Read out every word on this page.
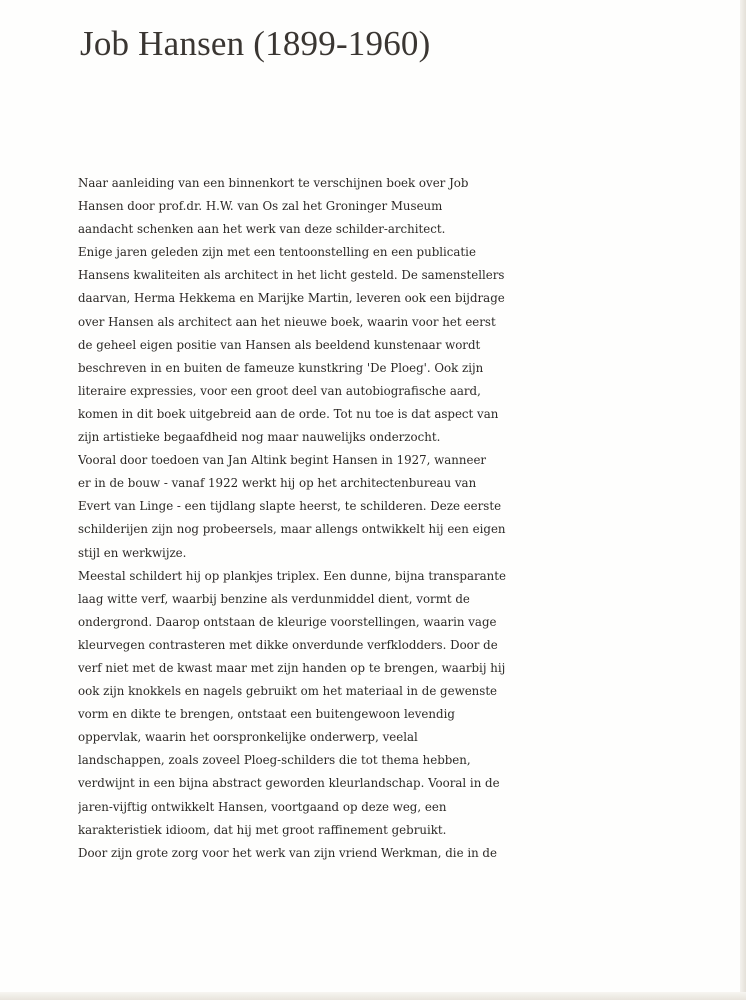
Job Hansen (1899-1960)
Naar aanleiding van een binnenkort te verschijnen boek over Job
Hansen door prof.dr. H.W. van Os zal het Groninger Museum
aandacht schenken aan het werk van deze schilder-architect.
Enige jaren geleden zijn met een tentoonstelling en een publicatie
Hansens kwaliteiten als architect in het licht gesteld. De samenstellers
daarvan, Herma Hekkema en Marijke Martin, leveren ook een bijdrage
over Hansen als architect aan het nieuwe boek, waarin voor het eerst
de geheel eigen positie van Hansen als beeldend kunstenaar wordt
beschreven in en buiten de fameuze kunstkring 'De Ploeg'. Ook zijn
literaire expressies, voor een groot deel van autobiografische aard,
komen in dit boek uitgebreid aan de orde. Tot nu toe is dat aspect van
zijn artistieke begaafdheid nog maar nauwelijks onderzocht.
Vooral door toedoen van Jan Altink begint Hansen in 1927, wanneer
er in de bouw - vanaf 1922 werkt hij op het architectenbureau van
Evert van Linge - een tijdlang slapte heerst, te schilderen. Deze eerste
schilderijen zijn nog probeersels, maar allengs ontwikkelt hij een eigen
stijl en werkwijze.
Meestal schildert hij op plankjes triplex. Een dunne, bijna transparante
laag witte verf, waarbij benzine als verdunmiddel dient, vormt de
ondergrond. Daarop ontstaan de kleurige voorstellingen, waarin vage
kleurvegen contrasteren met dikke onverdunde verfklodders. Door de
verf niet met de kwast maar met zijn handen op te brengen, waarbij hij
ook zijn knokkels en nagels gebruikt om het materiaal in de gewenste
vorm en dikte te brengen, ontstaat een buitengewoon levendig
oppervlak, waarin het oorspronkelijke onderwerp, veelal
landschappen, zoals zoveel Ploeg-schilders die tot thema hebben,
verdwijnt in een bijna abstract geworden kleurlandschap. Vooral in de
jaren-vijftig ontwikkelt Hansen, voortgaand op deze weg, een
karakteristiek idioom, dat hij met groot raffinement gebruikt.
Door zijn grote zorg voor het werk van zijn vriend Werkman, die in de
